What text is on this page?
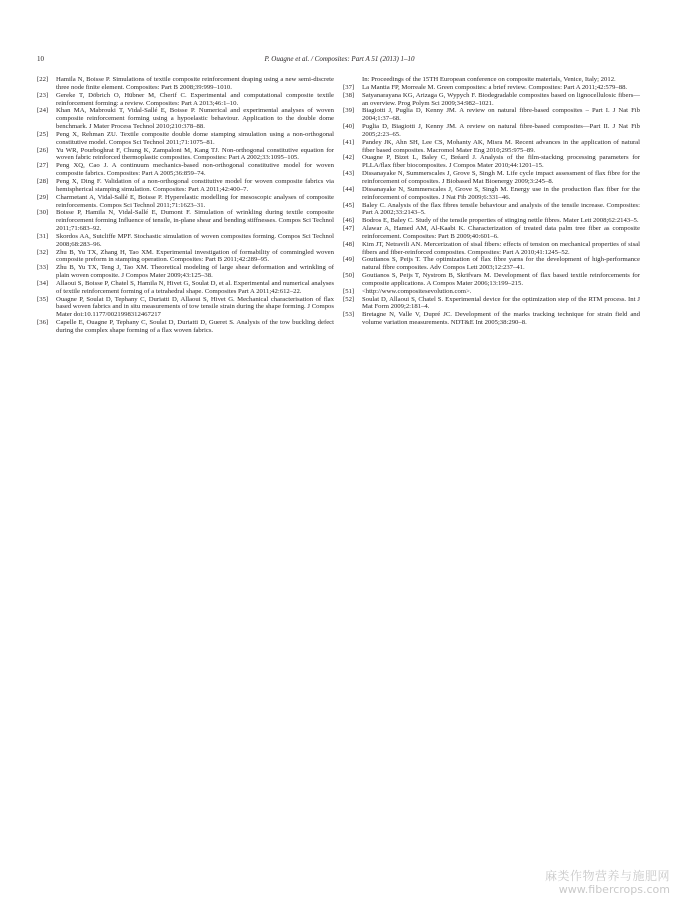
10	P. Ouagne et al. / Composites: Part A 51 (2013) 1–10
[22] Hamila N, Boisse P. Simulations of textile composite reinforcement draping using a new semi-discrete three node finite element. Composites: Part B 2008;39:999–1010.
[23] Gereke T, Döbrich O, Hübner M, Cherif C. Experimental and computational composite textile reinforcement forming: a review. Composites: Part A 2013;46:1–10.
[24] Khan MA, Mabrouki T, Vidal-Sallé E, Boisse P. Numerical and experimental analyses of woven composite reinforcement forming using a hypoelastic behaviour. Application to the double dome benchmark. J Mater Process Technol 2010;210:378–88.
[25] Peng X, Rehman ZU. Textile composite double dome stamping simulation using a non-orthogonal constitutive model. Compos Sci Technol 2011;71:1075–81.
[26] Yu WR, Pourboghrat F, Chung K, Zampaloni M, Kang TJ. Non-orthogonal constitutive equation for woven fabric reinforced thermoplastic composites. Composites: Part A 2002;33:1095–105.
[27] Peng XQ, Cao J. A continuum mechanics-based non-orthogonal constitutive model for woven composite fabrics. Composites: Part A 2005;36:859–74.
[28] Peng X, Ding F. Validation of a non-orthogonal constitutive model for woven composite fabrics via hemispherical stamping simulation. Composites: Part A 2011;42:400–7.
[29] Charmetant A, Vidal-Sallé E, Boisse P. Hyperelastic modelling for mesoscopic analyses of composite reinforcements. Compos Sci Technol 2011;71:1623–31.
[30] Boisse P, Hamila N, Vidal-Sallé E, Dumont F. Simulation of wrinkling during textile composite reinforcement forming Influence of tensile, in-plane shear and bending stiffnesses. Compos Sci Technol 2011;71:683–92.
[31] Skordos AA, Sutcliffe MPF. Stochastic simulation of woven composites forming. Compos Sci Technol 2008;68:283–96.
[32] Zhu B, Yu TX, Zhang H, Tao XM. Experimental investigation of formability of commingled woven composite preform in stamping operation. Composites: Part B 2011;42:289–95.
[33] Zhu B, Yu TX, Teng J, Tao XM. Theoretical modeling of large shear deformation and wrinkling of plain woven composite. J Compos Mater 2009;43:125–38.
[34] Allaoui S, Boisse P, Chatel S, Hamila N, Hivet G, Soulat D, et al. Experimental and numerical analyses of textile reinforcement forming of a tetrahedral shape. Composites Part A 2011;42:612–22.
[35] Ouagne P, Soulat D, Tephany C, Duriatti D, Allaoui S, Hivet G. Mechanical characterisation of flax based woven fabrics and in situ measurements of tow tensile strain during the shape forming. J Compos Mater doi:10.1177/0021998312467217
[36] Capelle E, Ouagne P, Tephany C, Soulat D, Duriatti D, Gueret S. Analysis of the tow buckling defect during the complex shape forming of a flax woven fabrics.
In: Proceedings of the 15TH European conference on composite materials, Venice, Italy; 2012.
[37] La Mantia FP, Morreale M. Green composites: a brief review. Composites: Part A 2011;42:579–88.
[38] Satyanarayana KG, Arizaga G, Wypych F. Biodegradable composites based on lignocellulosic fibers—an overview. Prog Polym Sci 2009;34:982–1021.
[39] Biagiotti J, Puglia D, Kenny JM. A review on natural fibre-based composites – Part I. J Nat Fib 2004;1:37–68.
[40] Puglia D, Biagiotti J, Kenny JM. A review on natural fibre-based composites—Part II. J Nat Fib 2005;2:23–65.
[41] Pandey JK, Ahn SH, Lee CS, Mohanty AK, Misra M. Recent advances in the application of natural fiber based composites. Macromol Mater Eng 2010;295:975–89.
[42] Ouagne P, Bizet L, Baley C, Bréard J. Analysis of the film-stacking processing parameters for PLLA/flax fiber biocomposites. J Compos Mater 2010;44:1201–15.
[43] Dissanayake N, Summerscales J, Grove S, Singh M. Life cycle impact assessment of flax fibre for the reinforcement of composites. J Biobased Mat Bioenergy 2009;3:245–8.
[44] Dissanayake N, Summerscales J, Grove S, Singh M. Energy use in the production flax fiber for the reinforcement of composites. J Nat Fib 2009;6:331–46.
[45] Baley C. Analysis of the flax fibres tensile behaviour and analysis of the tensile increase. Composites: Part A 2002;33:2143–5.
[46] Bodros E, Baley C. Study of the tensile properties of stinging nettle fibres. Mater Lett 2008;62:2143–5.
[47] Alawar A, Hamed AM, Al-Kaabi K. Characterization of treated data palm tree fiber as composite reinforcement. Composites: Part B 2009;40:601–6.
[48] Kim JT, Netravili AN. Mercerization of sisal fibers: effects of tension on mechanical properties of sisal fibers and fiber-reinforced composites. Composites: Part A 2010;41:1245–52.
[49] Goutianos S, Peijs T. The optimization of flax fibre yarns for the development of high-performance natural fibre composites. Adv Compos Lett 2003;12:237–41.
[50] Goutianos S, Peijs T, Nystrom B, Skrifvars M. Development of flax based textile reinforcements for composite applications. A Compos Mater 2006;13:199–215.
[51] <http://www.compositesevolution.com>.
[52] Soulat D, Allaoui S, Chatel S. Experimental device for the optimization step of the RTM process. Int J Mat Form 2009;2:181–4.
[53] Bretagne N, Valle V, Dupré JC. Development of the marks tracking technique for strain field and volume variation measurements. NDT&E Int 2005;38:290–8.
麻类作物营养与施肥网
www.fibercrops.com
